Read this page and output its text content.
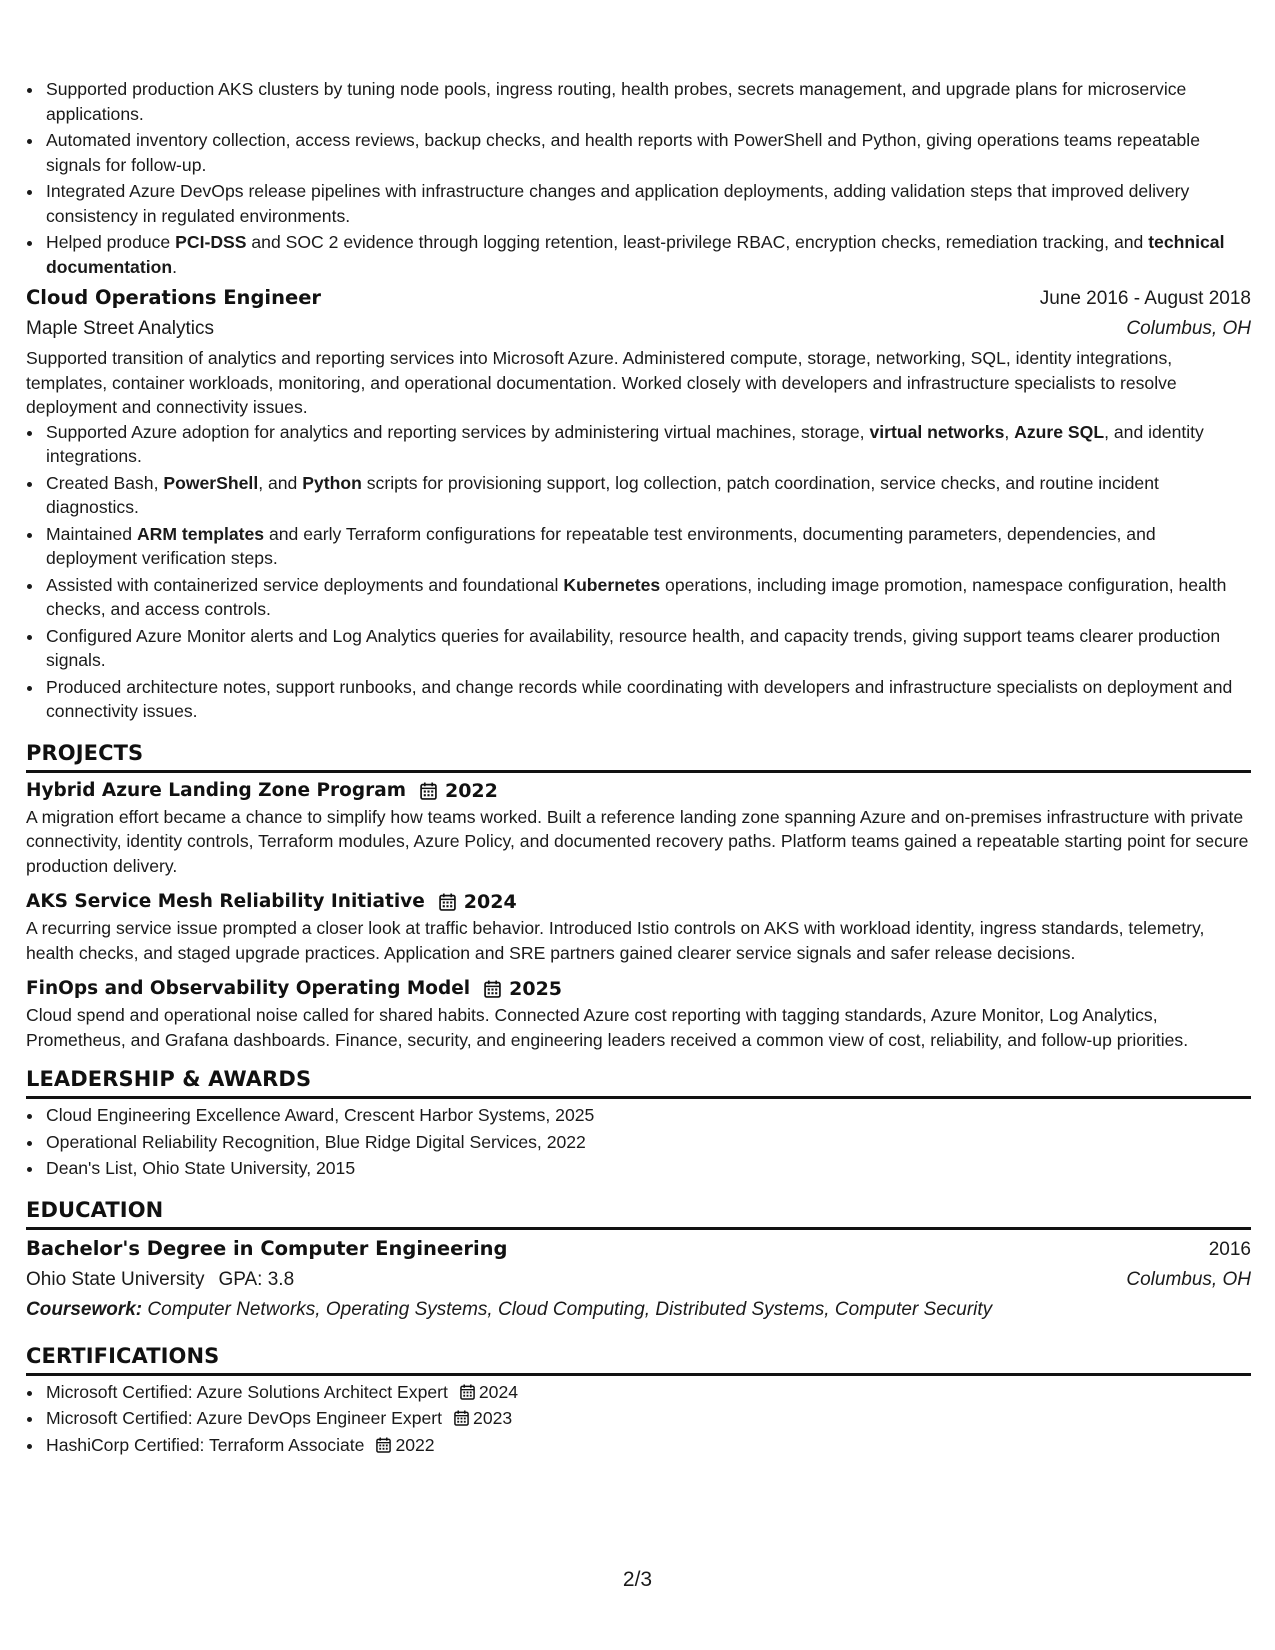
• Supported production AKS clusters by tuning node pools, ingress routing, health probes, secrets management, and upgrade plans for microservice applications.
• Automated inventory collection, access reviews, backup checks, and health reports with PowerShell and Python, giving operations teams repeatable signals for follow-up.
• Integrated Azure DevOps release pipelines with infrastructure changes and application deployments, adding validation steps that improved delivery consistency in regulated environments.
• Helped produce PCI-DSS and SOC 2 evidence through logging retention, least-privilege RBAC, encryption checks, remediation tracking, and technical documentation.
Cloud Operations Engineer	June 2016 - August 2018
Maple Street Analytics	Columbus, OH

Supported transition of analytics and reporting services into Microsoft Azure. Administered compute, storage, networking, SQL, identity integrations, templates, container workloads, monitoring, and operational documentation. Worked closely with developers and infrastructure specialists to resolve deployment and connectivity issues.

• Supported Azure adoption for analytics and reporting services by administering virtual machines, storage, virtual networks, Azure SQL, and identity integrations.
• Created Bash, PowerShell, and Python scripts for provisioning support, log collection, patch coordination, service checks, and routine incident diagnostics.
• Maintained ARM templates and early Terraform configurations for repeatable test environments, documenting parameters, dependencies, and deployment verification steps.
• Assisted with containerized service deployments and foundational Kubernetes operations, including image promotion, namespace configuration, health checks, and access controls.
• Configured Azure Monitor alerts and Log Analytics queries for availability, resource health, and capacity trends, giving support teams clearer production signals.
• Produced architecture notes, support runbooks, and change records while coordinating with developers and infrastructure specialists on deployment and connectivity issues.
PROJECTS
Hybrid Azure Landing Zone Program 2022

A migration effort became a chance to simplify how teams worked. Built a reference landing zone spanning Azure and on-premises infrastructure with private connectivity, identity controls, Terraform modules, Azure Policy, and documented recovery paths. Platform teams gained a repeatable starting point for secure production delivery.

AKS Service Mesh Reliability Initiative 2024

A recurring service issue prompted a closer look at traffic behavior. Introduced Istio controls on AKS with workload identity, ingress standards, telemetry, health checks, and staged upgrade practices. Application and SRE partners gained clearer service signals and safer release decisions.

FinOps and Observability Operating Model 2025

Cloud spend and operational noise called for shared habits. Connected Azure cost reporting with tagging standards, Azure Monitor, Log Analytics, Prometheus, and Grafana dashboards. Finance, security, and engineering leaders received a common view of cost, reliability, and follow-up priorities.

LEADERSHIP & AWARDS
• Cloud Engineering Excellence Award, Crescent Harbor Systems, 2025
• Operational Reliability Recognition, Blue Ridge Digital Services, 2022
• Dean's List, Ohio State University, 2015
EDUCATION
Bachelor's Degree in Computer Engineering	2016
Ohio State University GPA: 3.8	Columbus, OH
Coursework: Computer Networks, Operating Systems, Cloud Computing, Distributed Systems, Computer Security
CERTIFICATIONS
• Microsoft Certified: Azure Solutions Architect Expert 2024
• Microsoft Certified: Azure DevOps Engineer Expert 2023
• HashiCorp Certified: Terraform Associate 2022
2/3
